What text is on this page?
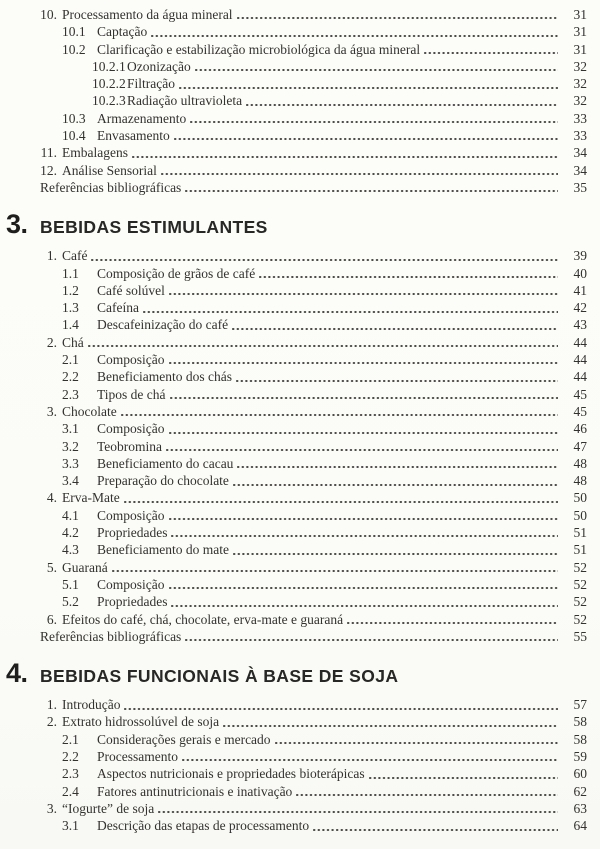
10. Processamento da água mineral	31
10.1 Captação	31
10.2 Clarificação e estabilização microbiológica da água mineral	31
10.2.1 Ozonização	32
10.2.2 Filtração	32
10.2.3 Radiação ultravioleta	32
10.3 Armazenamento	33
10.4 Envasamento	33
11. Embalagens	34
12. Análise Sensorial	34
Referências bibliográficas	35
3. BEBIDAS ESTIMULANTES
1. Café	39
1.1	Composição de grãos de café	40
1.2	Café solúvel	41
1.3	Cafeína	42
1.4	Descafeinização do café	43
2. Chá	44
2.1	Composição	44
2.2	Beneficiamento dos chás	44
2.3	Tipos de chá	45
3. Chocolate	45
3.1	Composição	46
3.2	Teobromina	47
3.3	Beneficiamento do cacau	48
3.4	Preparação do chocolate	48
4. Erva-Mate	50
4.1	Composição	50
4.2	Propriedades	51
4.3	Beneficiamento do mate	51
5. Guaraná	52
5.1	Composição	52
5.2	Propriedades	52
6. Efeitos do café, chá, chocolate, erva-mate e guaraná	52
Referências bibliográficas	55
4. BEBIDAS FUNCIONAIS À BASE DE SOJA
1. Introdução	57
2. Extrato hidrossolúvel de soja	58
2.1	Considerações gerais e mercado	58
2.2	Processamento	59
2.3	Aspectos nutricionais e propriedades bioterápicas	60
2.4	Fatores antinutricionais e inativação	62
3. “Iogurte” de soja	63
3.1	Descrição das etapas de processamento	64
